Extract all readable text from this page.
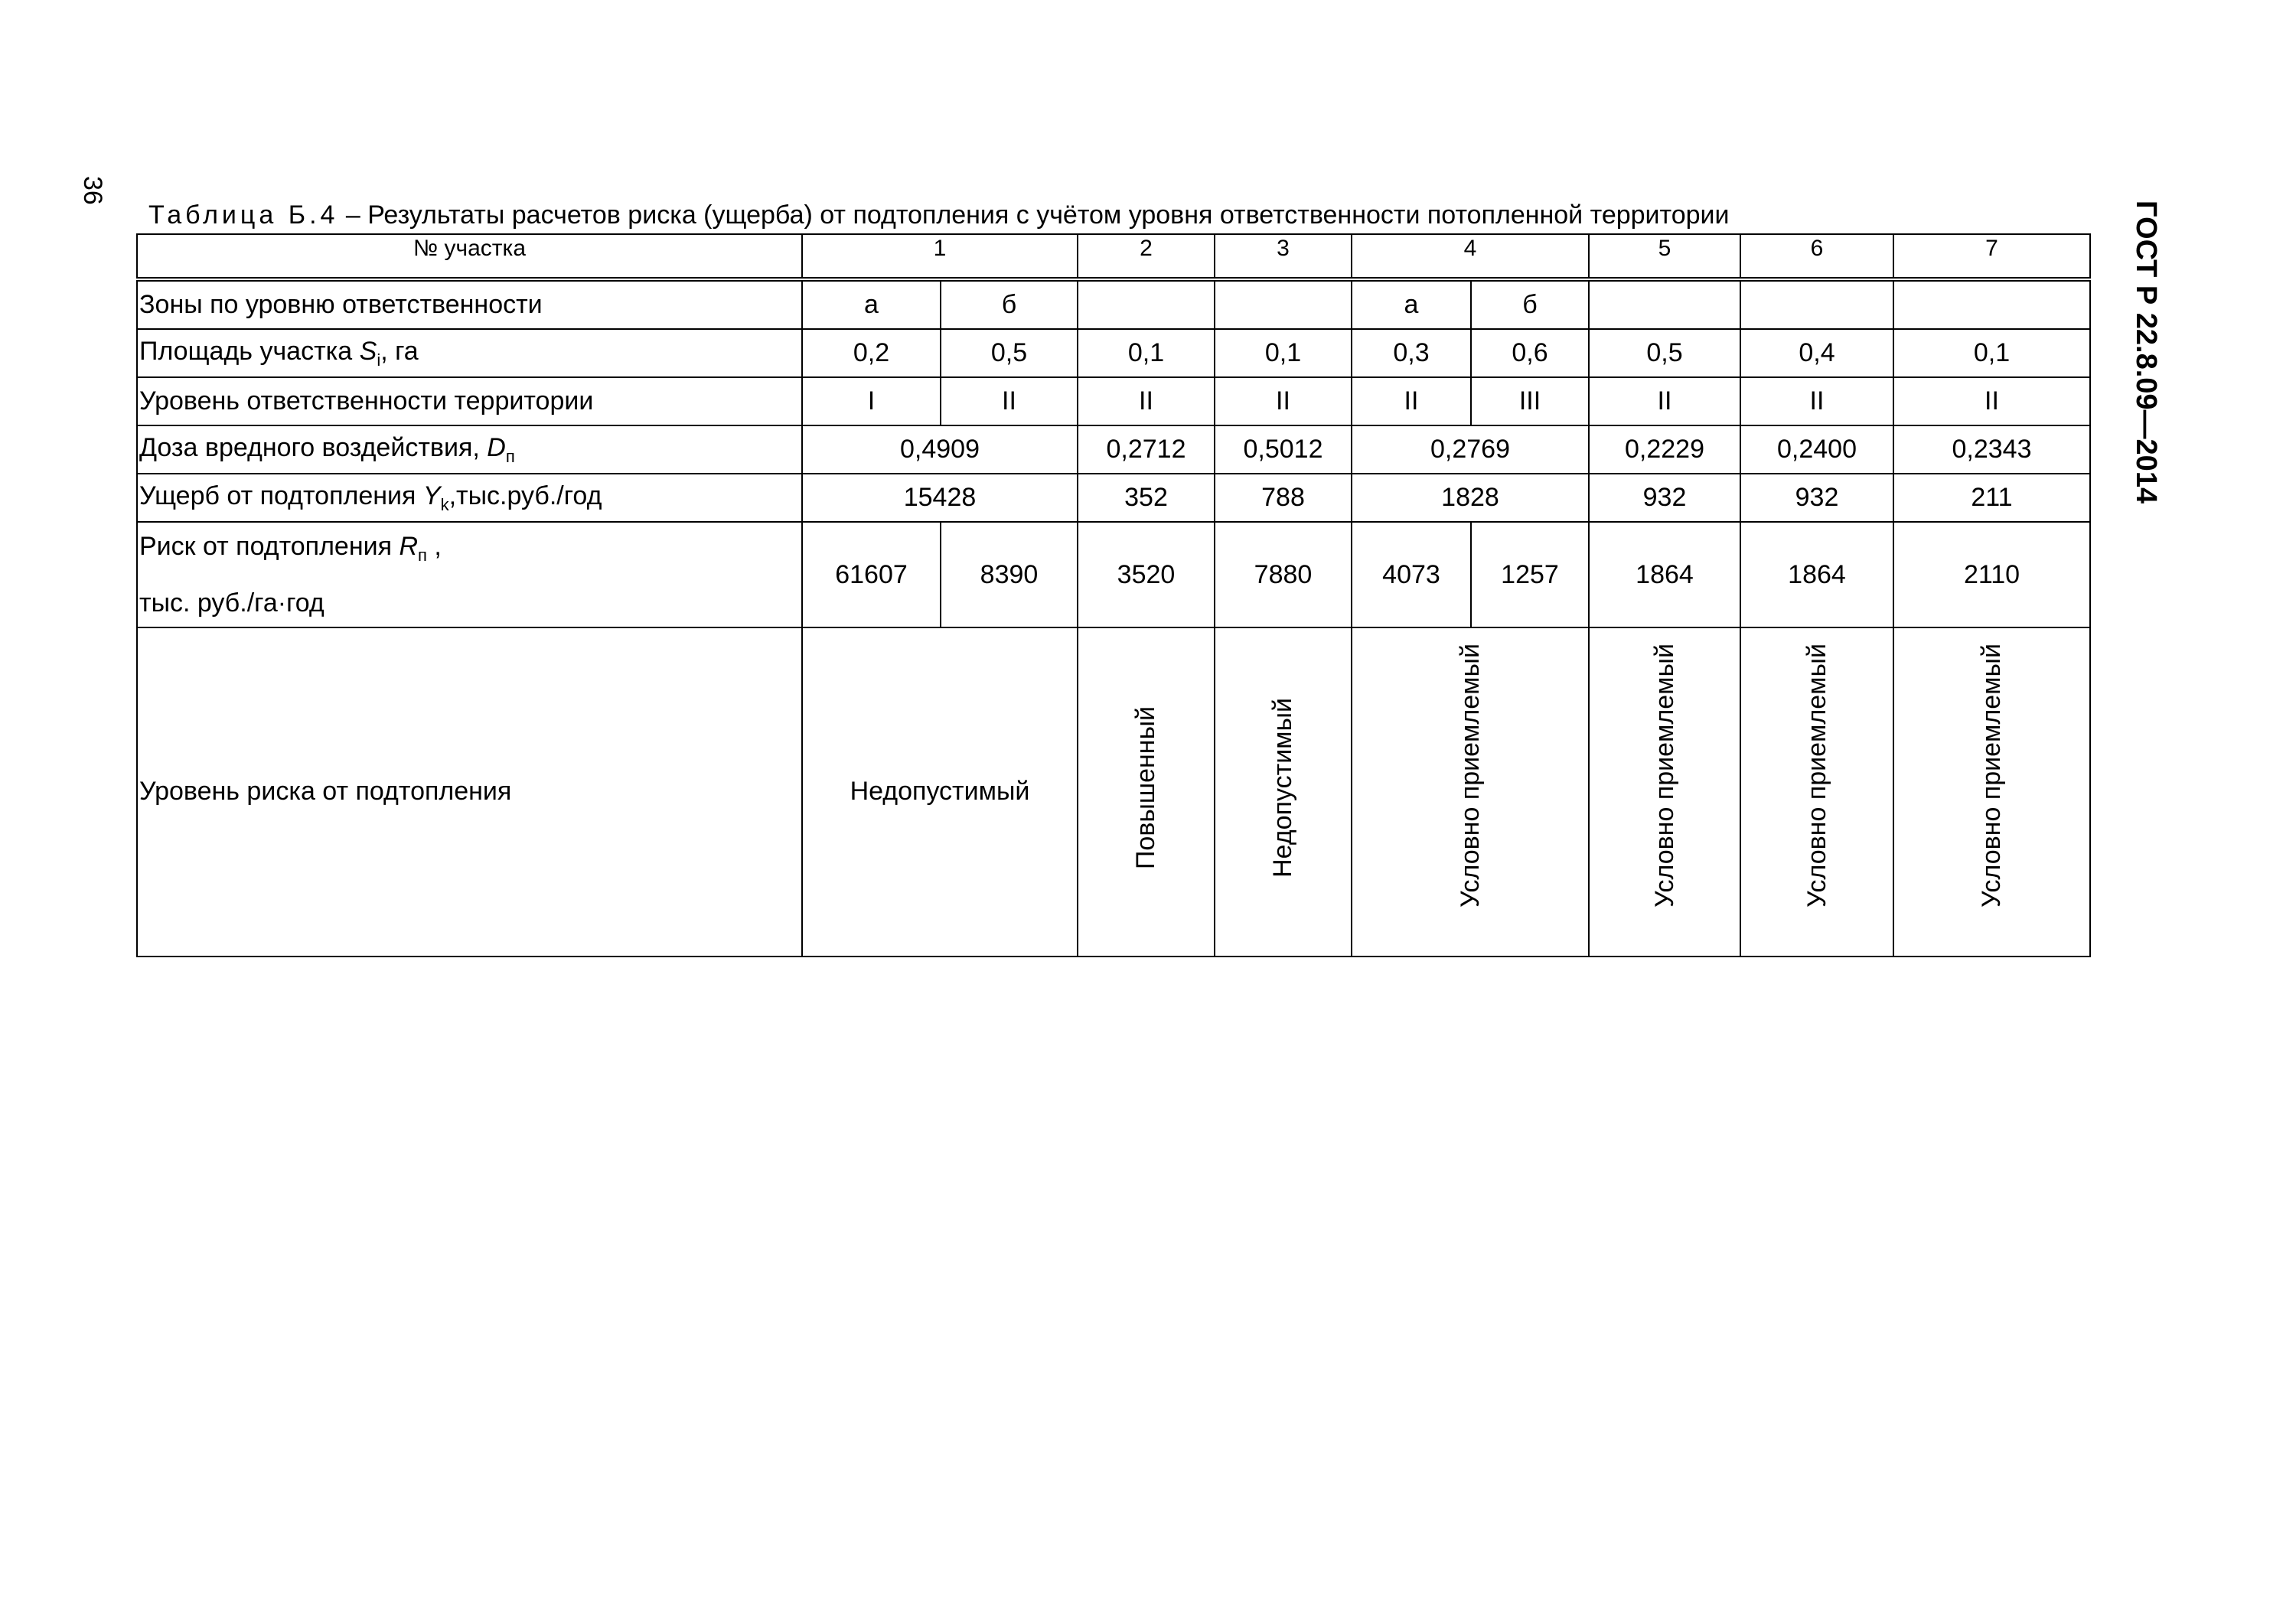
36
ГОСТ Р 22.8.09—2014
Таблица Б.4 – Результаты расчетов риска (ущерба) от подтопления с учётом уровня ответственности потопленной территории
№ участка	1		2	3	4		5	6	7
Зоны по уровню ответственности	а	б			а	б			
Площадь участка $S_i$, га	0,2	0,5	0,1	0,1	0,3	0,6	0,5	0,4	0,1
Уровень ответственности территории	I	II	II	II	II	III	II	II	II
Доза вредного воздействия, $D_п$	0,4909		0,2712	0,5012	0,2769		0,2229	0,2400	0,2343
Ущерб от подтопления $Y_k,тыс.руб$./год	15428		352	788	1828		932	932	211

Риск от подтопления $R_п$ ,
тыс. руб./га·год	61607	8390	3520	7880	4073	1257	1864	1864	2110
Уровень риска от подтопления	Недопустимый		Повышенный	Недопустимый	Условно приемлемый		Условно приемлемый	Условно приемлемый	Условно приемлемый
